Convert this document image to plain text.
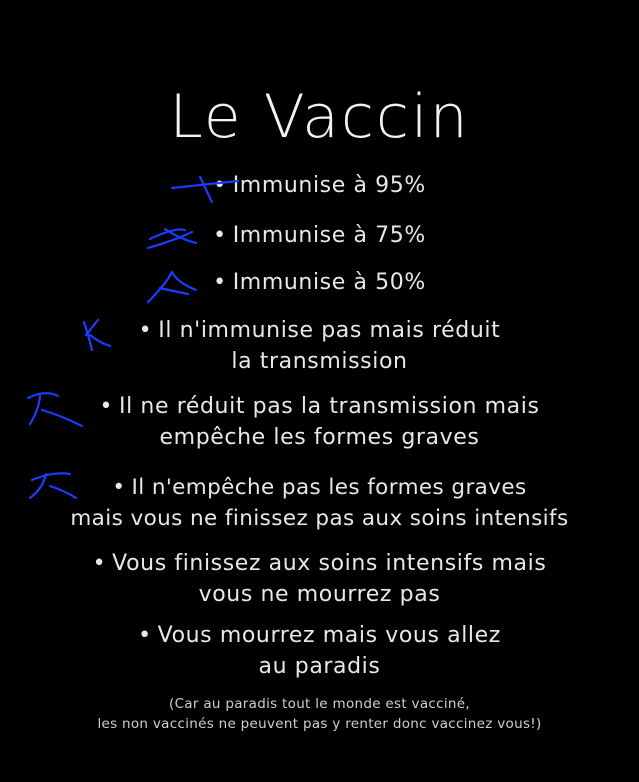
Le Vaccin
• Immunise à 95%
• Immunise à 75%
• Immunise à 50%
• Il n'immunise pas mais réduit
la transmission
• Il ne réduit pas la transmission mais
empêche les formes graves
• Il n'empêche pas les formes graves
mais vous ne finissez pas aux soins intensifs
• Vous finissez aux soins intensifs mais
vous ne mourrez pas
• Vous mourrez mais vous allez
au paradis
(Car au paradis tout le monde est vacciné,
les non vaccinés ne peuvent pas y renter donc vaccinez vous!)
